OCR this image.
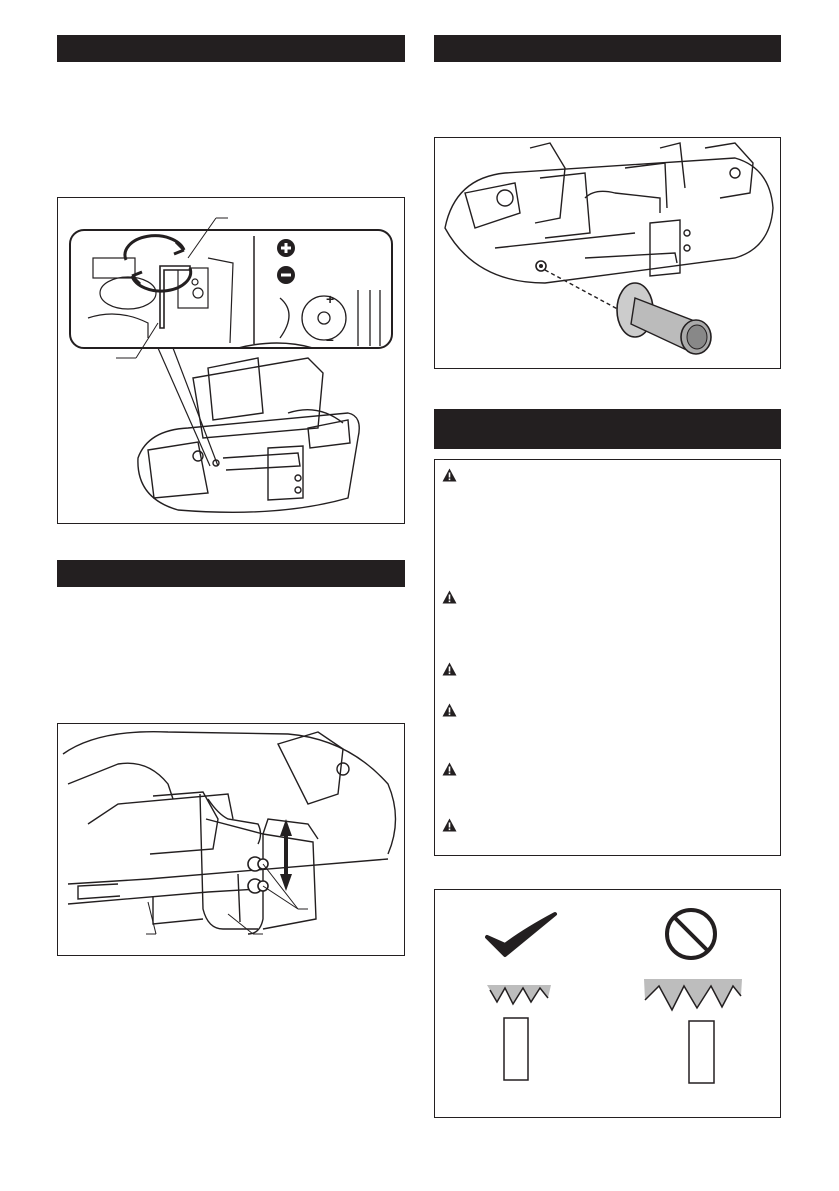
+
–
